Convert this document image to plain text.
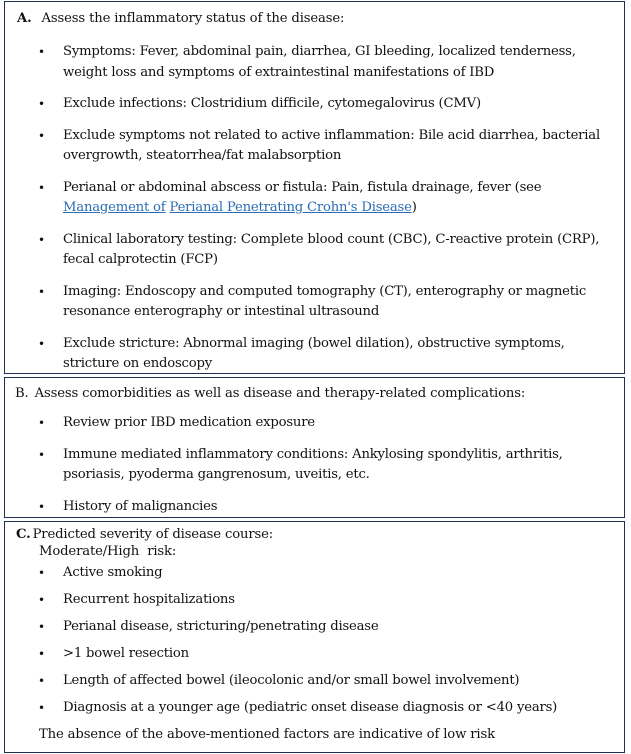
A. Assess the inflammatory status of the disease:
• Symptoms: Fever, abdominal pain, diarrhea, GI bleeding, localized tenderness, weight loss and symptoms of extraintestinal manifestations of IBD
• Exclude infections: Clostridium difficile, cytomegalovirus (CMV)
• Exclude symptoms not related to active inflammation: Bile acid diarrhea, bacterial overgrowth, steatorrhea/fat malabsorption
• Perianal or abdominal abscess or fistula: Pain, fistula drainage, fever (see Management of Perianal Penetrating Crohn's Disease)
• Clinical laboratory testing: Complete blood count (CBC), C-reactive protein (CRP), fecal calprotectin (FCP)
• Imaging: Endoscopy and computed tomography (CT), enterography or magnetic resonance enterography or intestinal ultrasound
• Exclude stricture: Abnormal imaging (bowel dilation), obstructive symptoms, stricture on endoscopy
B. Assess comorbidities as well as disease and therapy-related complications:
• Review prior IBD medication exposure
• Immune mediated inflammatory conditions: Ankylosing spondylitis, arthritis, psoriasis, pyoderma gangrenosum, uveitis, etc.
• History of malignancies
C. Predicted severity of disease course:
Moderate/High  risk:
• Active smoking
• Recurrent hospitalizations
• Perianal disease, stricturing/penetrating disease
• >1 bowel resection
• Length of affected bowel (ileocolonic and/or small bowel involvement)
• Diagnosis at a younger age (pediatric onset disease diagnosis or <40 years)
The absence of the above-mentioned factors are indicative of low risk
